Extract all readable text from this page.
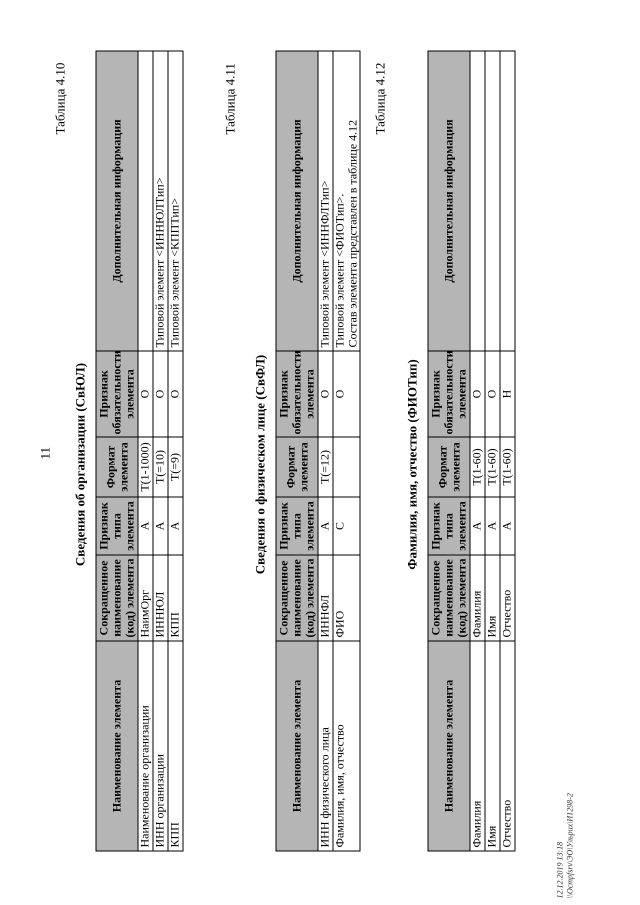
11
Таблица 4.10
Сведения об организации (СвЮЛ)
Наименование элемента	Сокращенное наименование (код) элемента	Признак типа элемента	Формат элемента	Признак обязательности элемента	Дополнительная информация
Наименование организации	НаимОрг	А	T(1-1000)	О	
ИНН организации	ИННЮЛ	А	T(=10)	О	Типовой элемент <ИННЮЛТип>
КПП	КПП	А	T(=9)	О	Типовой элемент <КППТип>
Таблица 4.11
Сведения о физическом лице (СвФЛ)
Наименование элемента	Сокращенное наименование (код) элемента	Признак типа элемента	Формат элемента	Признак обязательности элемента	Дополнительная информация
ИНН физического лица	ИННФЛ	А	T(=12)	О	Типовой элемент <ИННФЛТип>
Фамилия, имя, отчество	ФИО	С		О	Типовой элемент <ФИОТип>.
Состав элемента представлен в таблице 4.12 Таблица 4.12
Фамилия, имя, отчество (ФИОТип)
Наименование элемента	Сокращенное наименование (код) элемента	Признак типа элемента	Формат элемента	Признак обязательности элемента	Дополнительная информация
Фамилия	Фамилия	А	T(1-60)	О	
Имя	Имя	А	T(1-60)	О	
Отчество	Отчество	А	T(1-60)	Н	
12.12.2019 13:18 \\Ocmpfsrv\ЭО\Ульрих\И1298-2
